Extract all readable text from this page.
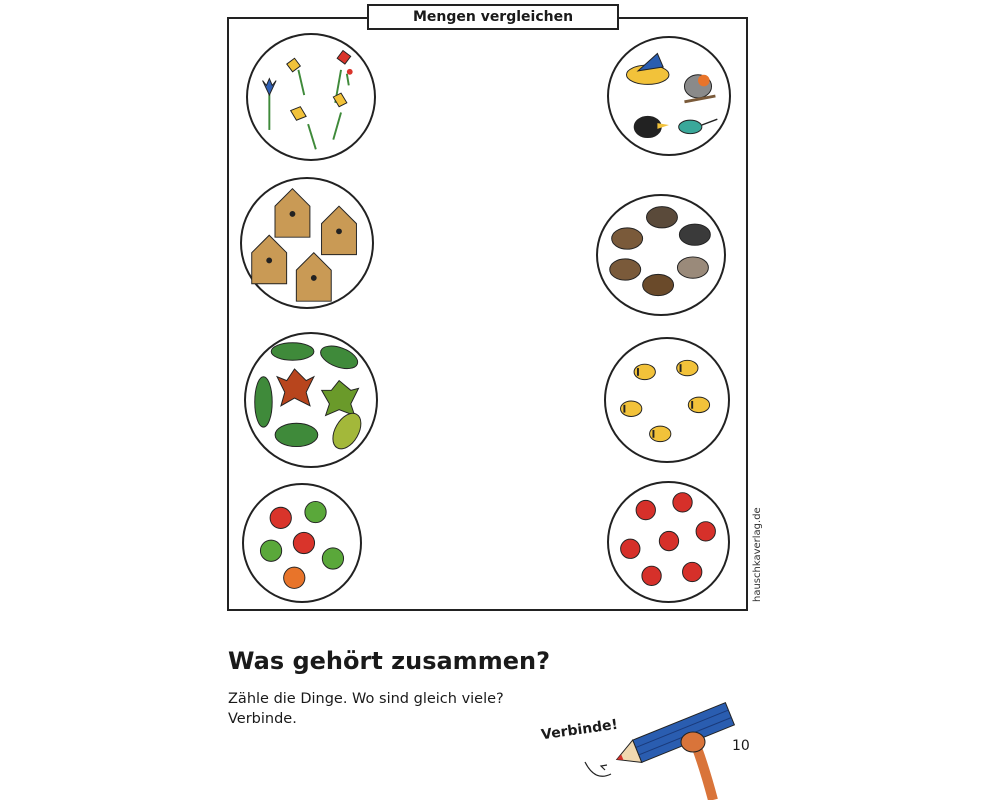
Mengen vergleichen
hauschkaverlag.de
Was gehört zusammen?
Zähle die Dinge. Wo sind gleich viele?
Verbinde.	Verbinde!
10
